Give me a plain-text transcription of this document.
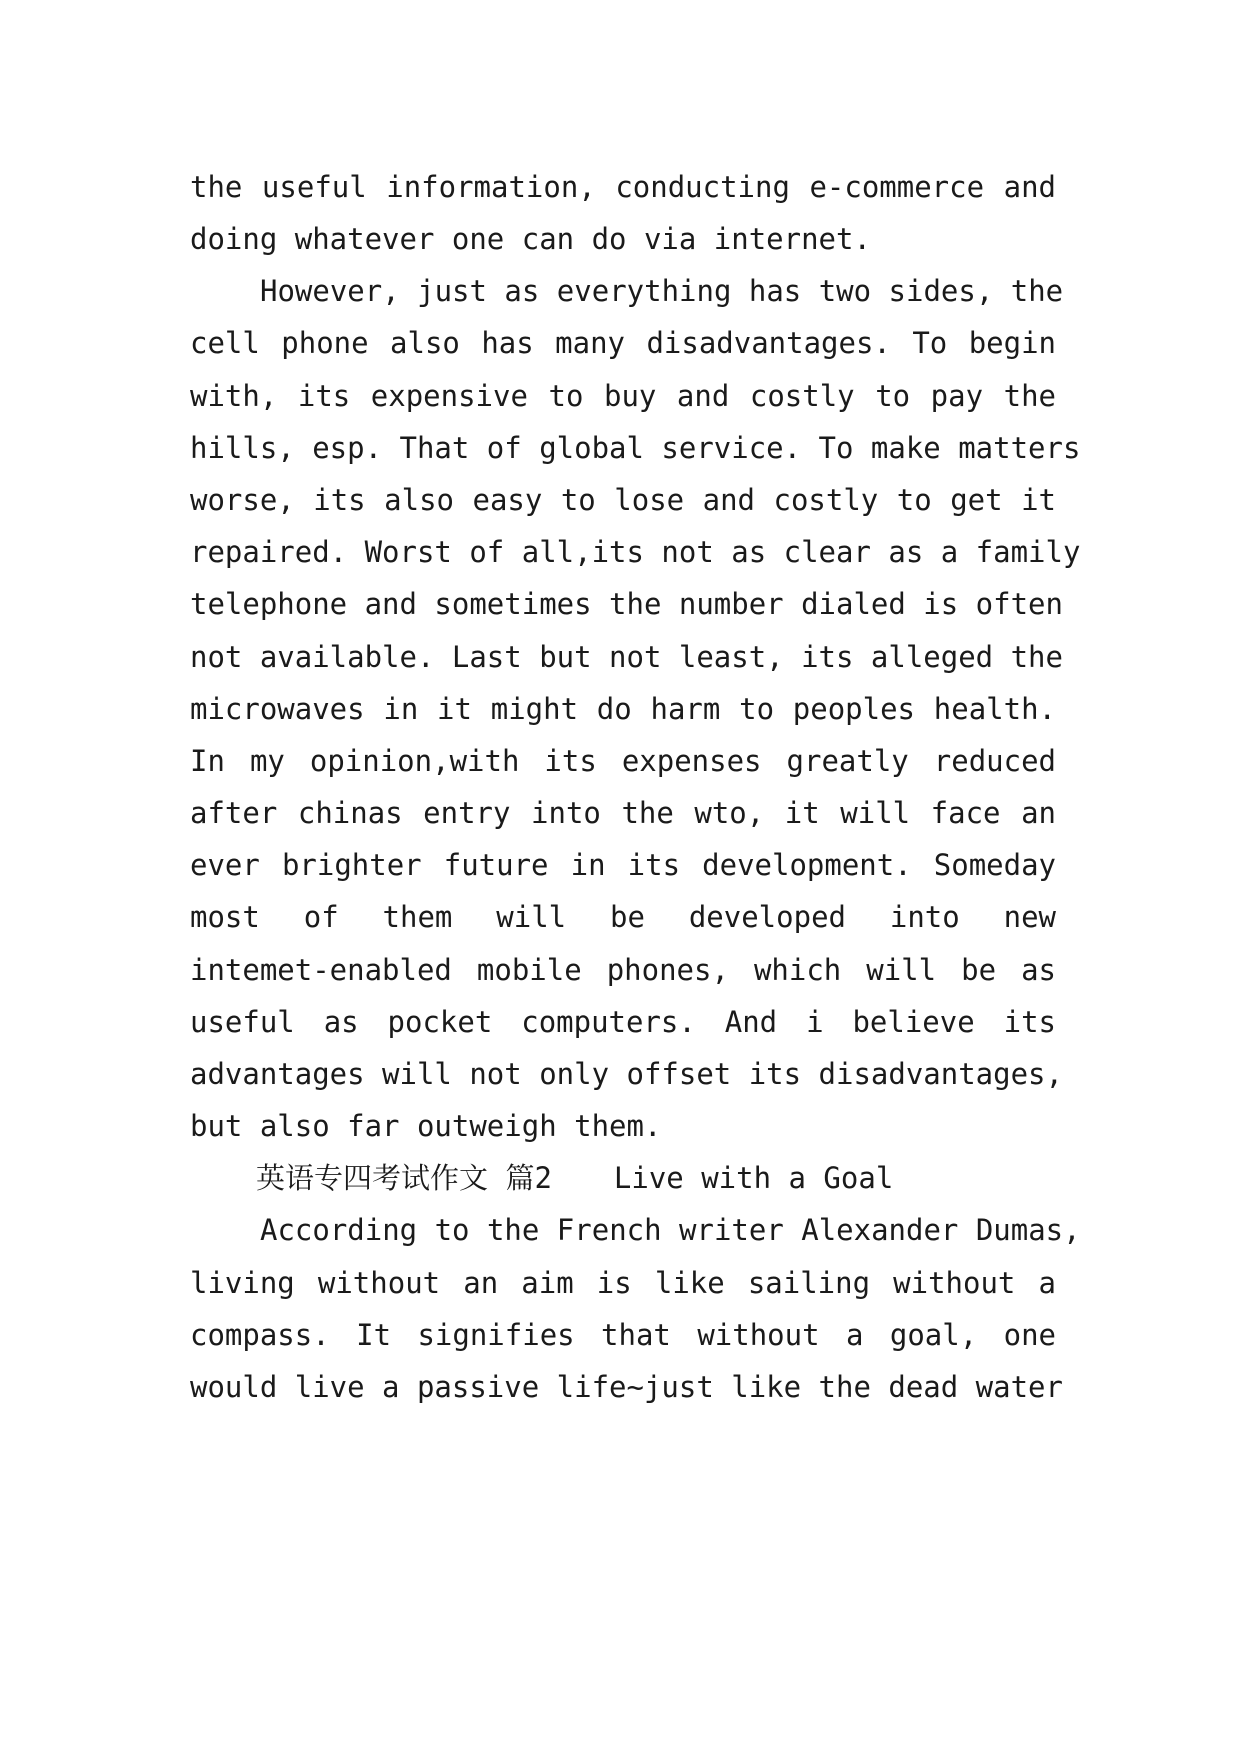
the useful information, conducting e-commerce and
doing whatever one can do via internet.
However, just as everything has two sides, the
cell phone also has many disadvantages. To begin
with, its expensive to buy and costly to pay the
hills, esp. That of global service. To make matters
worse, its also easy to lose and costly to get it
repaired. Worst of all,its not as clear as a family
telephone and sometimes the number dialed is often
not available. Last but not least, its alleged the
microwaves in it might do harm to peoples health.
In my opinion,with its expenses greatly reduced
after chinas entry into the wto, it will face an
ever brighter future in its development. Someday
most of them will be developed into new
intemet-enabled mobile phones, which will be as
useful as pocket computers. And i believe its
advantages will not only offset its disadvantages,
but also far outweigh them.
英语专四考试作文 篇2 Live with a Goal
According to the French writer Alexander Dumas,
living without an aim is like sailing without a
compass. It signifies that without a goal, one
would live a passive life~just like the dead water
